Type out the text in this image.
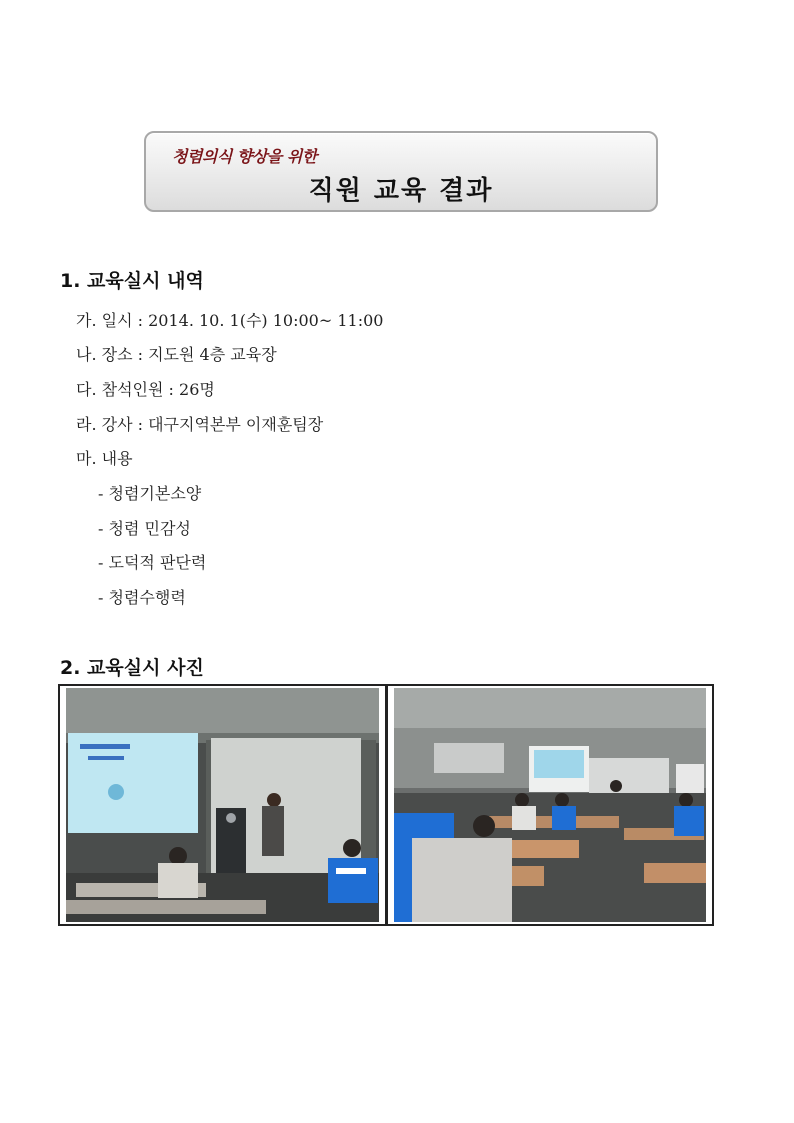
청렴의식 향상을 위한
직원 교육 결과
1. 교육실시 내역
가. 일시 : 2014. 10. 1(수) 10:00~ 11:00
나. 장소 : 지도원 4층 교육장
다. 참석인원 : 26명
라. 강사 : 대구지역본부 이재훈팀장
마. 내용
- 청렴기본소양
- 청렴 민감성
- 도덕적 판단력
- 청렴수행력
2. 교육실시 사진
